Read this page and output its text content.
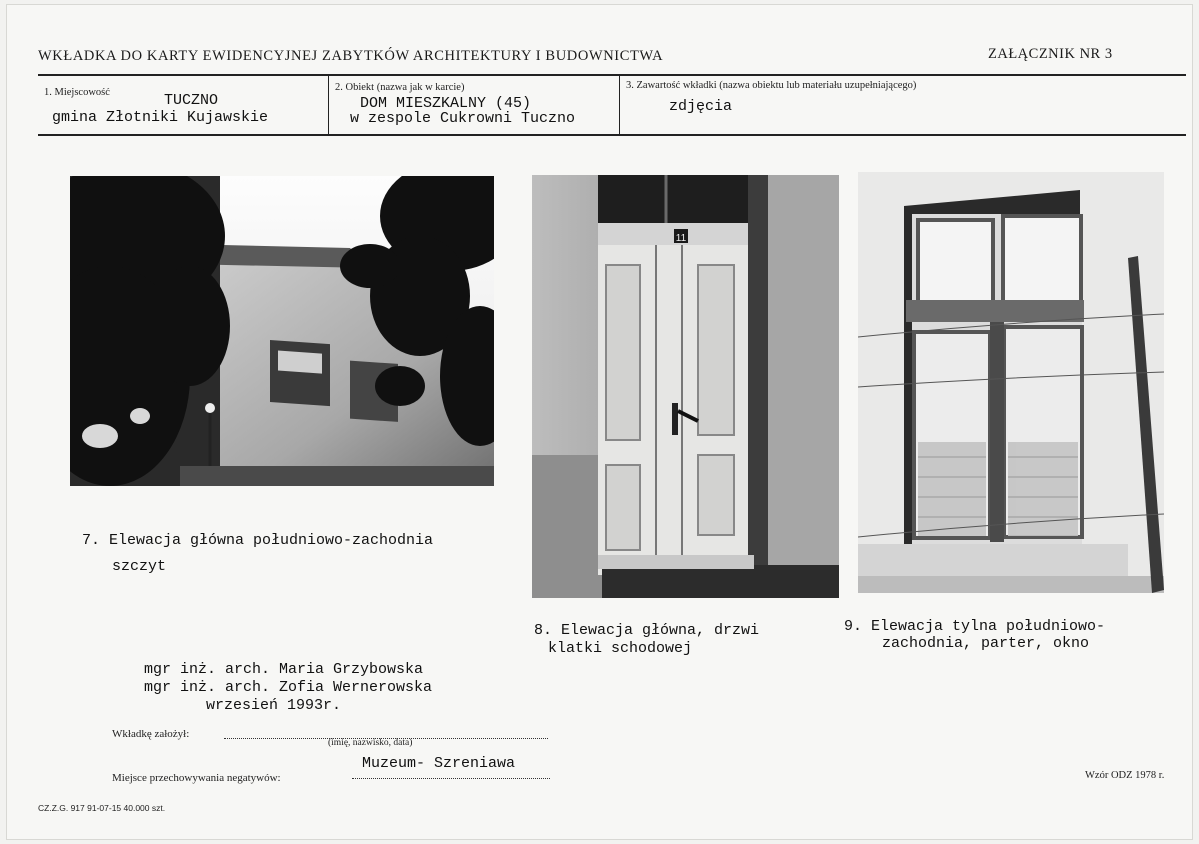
WKŁADKA DO KARTY EWIDENCYJNEJ ZABYTKÓW ARCHITEKTURY I BUDOWNICTWA	ZAŁĄCZNIK NR 3
1. Miejscowość	TUCZNO
gmina Złotniki Kujawskie
2. Obiekt (nazwa jak w karcie)
DOM MIESZKALNY (45)
w zespole Cukrowni Tuczno
3. Zawartość wkładki (nazwa obiektu lub materiału uzupełniającego)
zdjęcia
11
7. Elewacja główna południowo-zachodnia
szczyt
8. Elewacja główna, drzwi
klatki schodowej
9. Elewacja tylna południowo-
zachodnia, parter, okno
mgr inż. arch. Maria Grzybowska
mgr inż. arch. Zofia Wernerowska
wrzesień 1993r.
Wkładkę założył:
(imię, nazwisko, data)
Miejsce przechowywania negatywów:
Muzeum- Szreniawa
CZ.Z.G. 917 91-07-15 40.000 szt.
Wzór ODZ 1978 r.
